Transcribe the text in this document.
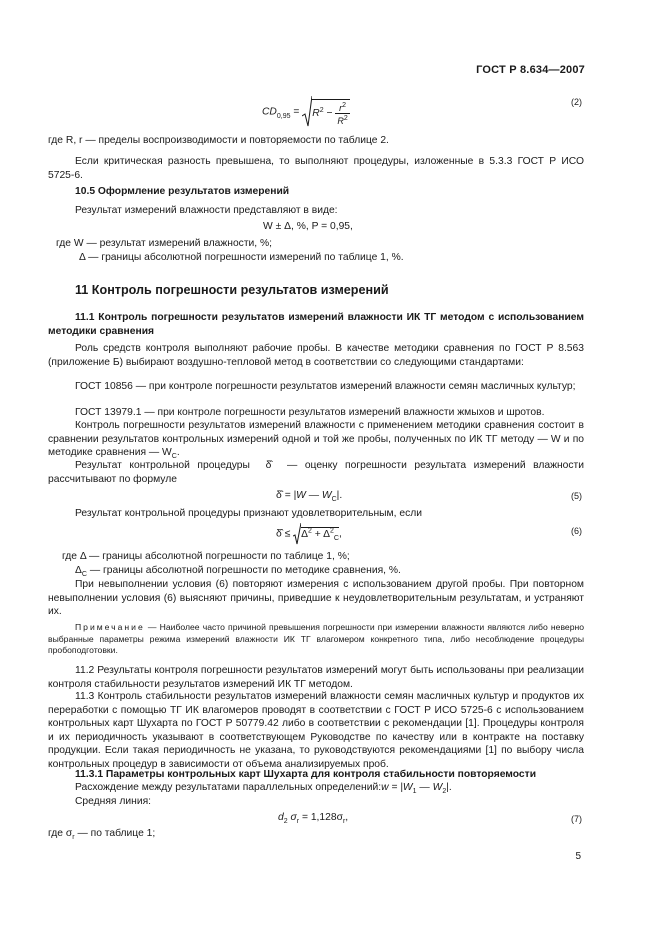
ГОСТ Р 8.634—2007
$CD_{0,95} = R^2 - \frac{r^2}{R^2}$	(2)
где R, r — пределы воспроизводимости и повторяемости по таблице 2.
Если критическая разность превышена, то выполняют процедуры, изложенные в 5.3.3 ГОСТ Р ИСО 5725-6.
10.5 Оформление результатов измерений
Результат измерений влажности представляют в виде:
W ± Δ, %, P = 0,95,
где W — результат измерений влажности, %;
Δ — границы абсолютной погрешности измерений по таблице 1, %.
11 Контроль погрешности результатов измерений
11.1 Контроль погрешности результатов измерений влажности ИК ТГ методом с использованием методики сравнения
Роль средств контроля выполняют рабочие пробы. В качестве методики сравнения по ГОСТ Р 8.563 (приложение Б) выбирают воздушно-тепловой метод в соответствии со следующими стандартами:
ГОСТ 10856 — при контроле погрешности результатов измерений влажности семян масличных культур;
ГОСТ 13979.1 — при контроле погрешности результатов измерений влажности жмыхов и шротов.
Контроль погрешности результатов измерений влажности с применением методики сравнения состоит в сравнении результатов контрольных измерений одной и той же пробы, полученных по ИК ТГ методу — W и по методике сравнения — $W_С$.
Результат контрольной процедуры δ̂ — оценку погрешности результата измерений влажности рассчитывают по формуле
δ̂ = |W — $W_C|$.	(5)
Результат контрольной процедуры признают удовлетворительным, если
δ̂ ≤ $\Delta^2 + \Delta^2_C$,	(6)
где Δ — границы абсолютной погрешности по таблице 1, %;
$\Delta_C$ — границы абсолютной погрешности по методике сравнения, %.
При невыполнении условия (6) повторяют измерения с использованием другой пробы. При повторном невыполнении условия (6) выясняют причины, приведшие к неудовлетворительным результатам, и устраняют их.
Примечание — Наиболее часто причиной превышения погрешности при измерении влажности являются либо неверно выбранные параметры режима измерений влажности ИК ТГ влагомером конкретного типа, либо несоблюдение процедуры пробоподготовки.
11.2 Результаты контроля погрешности результатов измерений могут быть использованы при реализации контроля стабильности результатов измерений ИК ТГ методом.
11.3 Контроль стабильности результатов измерений влажности семян масличных культур и продуктов их переработки с помощью ТГ ИК влагомеров проводят в соответствии с ГОСТ Р ИСО 5725-6 с использованием контрольных карт Шухарта по ГОСТ Р 50779.42 либо в соответствии с рекомендации [1]. Процедуры контроля и их периодичность указывают в соответствующем Руководстве по качеству или в контракте на поставку продукции. Если такая периодичность не указана, то руководствуются рекомендациями [1] по выбору числа контрольных процедур в зависимости от объема анализируемых проб.
11.3.1 Параметры контрольных карт Шухарта для контроля стабильности повторяемости
Расхождение между результатами параллельных определений:w = $|W_1$ — $W_2|$.
Средняя линия:
$d_2$ $\sigma_r = 1,128\sigma_r$,	(7)
где $\sigma_r$ — по таблице 1;
5
